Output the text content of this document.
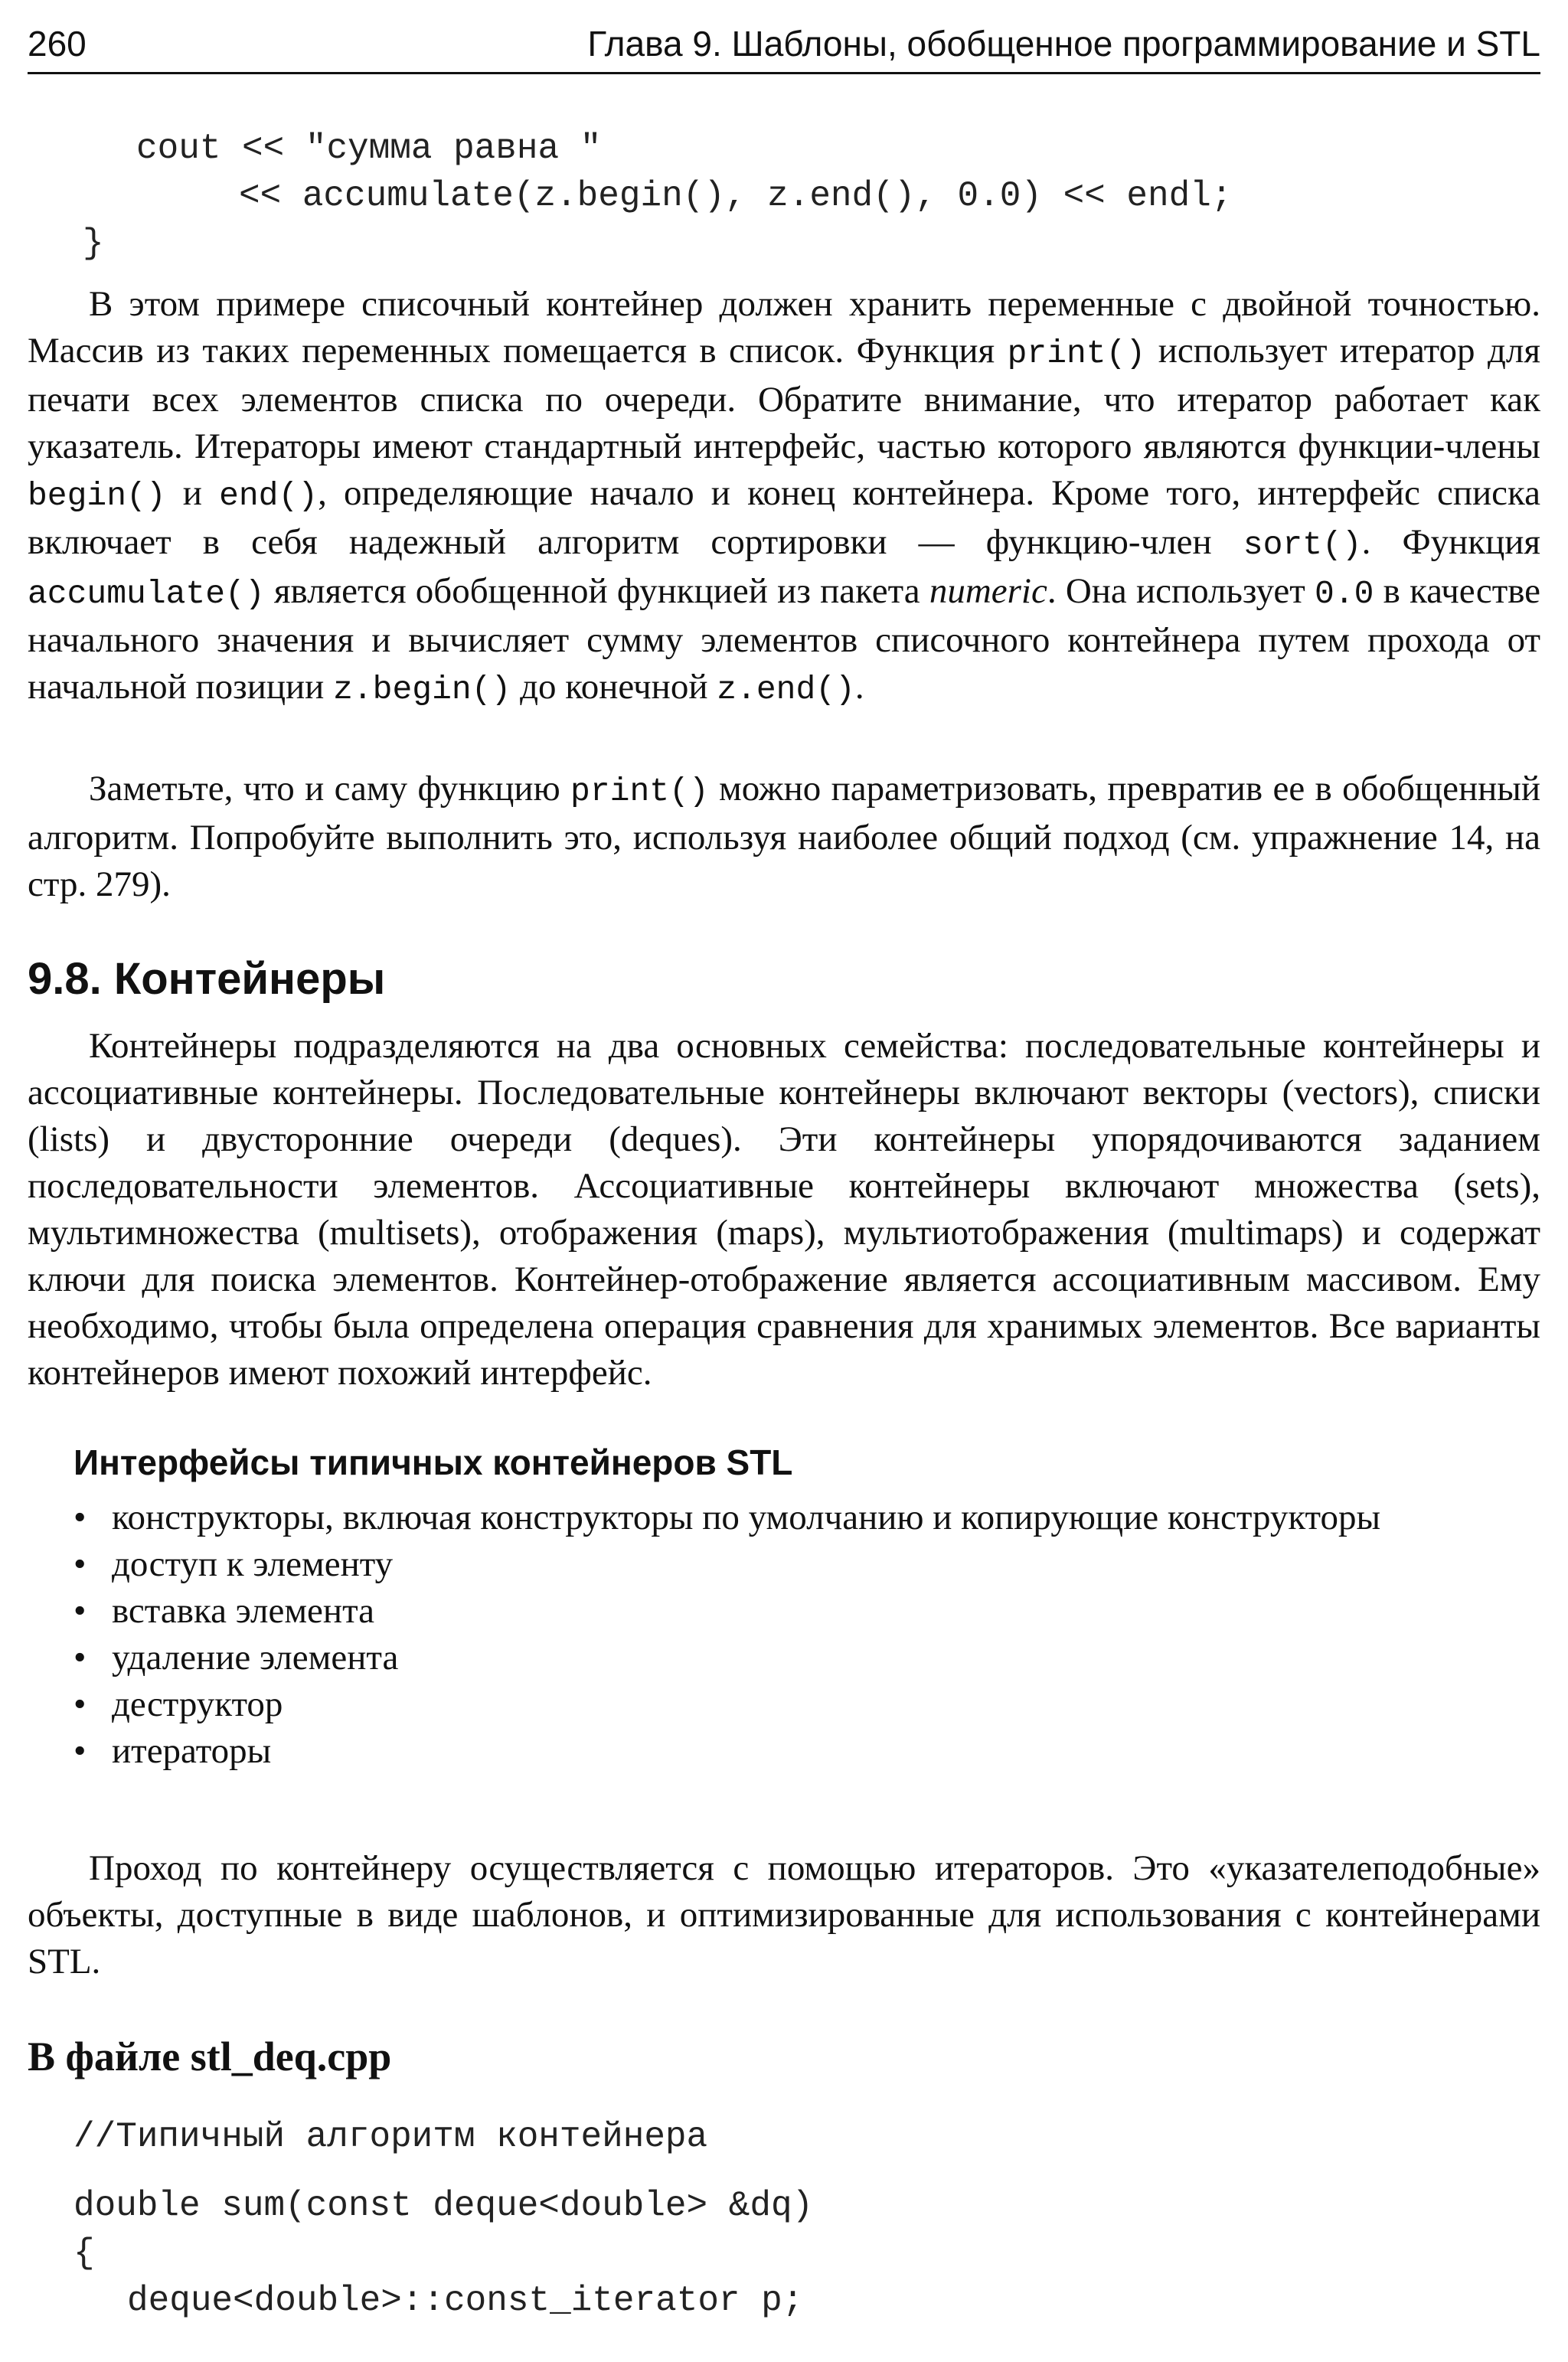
260	Глава 9. Шаблоны, обобщенное программирование и STL
cout << "сумма равна "
<< accumulate(z.begin(), z.end(), 0.0) << endl;
}
В этом примере списочный контейнер должен хранить переменные с двойной точностью. Массив из таких переменных помещается в список. Функция print() использует итератор для печати всех элементов списка по очереди. Обратите внимание, что итератор работает как указатель. Итераторы имеют стандартный интерфейс, частью которого являются функции-члены begin() и end(), определяющие начало и конец контейнера. Кроме того, интерфейс списка включает в себя надежный алгоритм сортировки — функцию-член sort(). Функция accumulate() является обобщенной функцией из пакета numeric. Она использует 0.0 в качестве начального значения и вычисляет сумму элементов списочного контейнера путем прохода от начальной позиции z.begin() до конечной z.end().
Заметьте, что и саму функцию print() можно параметризовать, превратив ее в обобщенный алгоритм. Попробуйте выполнить это, используя наиболее общий подход (см. упражнение 14, на стр. 279).
9.8. Контейнеры
Контейнеры подразделяются на два основных семейства: последовательные контейнеры и ассоциативные контейнеры. Последовательные контейнеры включают векторы (vectors), списки (lists) и двусторонние очереди (deques). Эти контейнеры упорядочиваются заданием последовательности элементов. Ассоциативные контейнеры включают множества (sets), мультимножества (multisets), отображения (maps), мультиотображения (multimaps) и содержат ключи для поиска элементов. Контейнер-отображение является ассоциативным массивом. Ему необходимо, чтобы была определена операция сравнения для хранимых элементов. Все варианты контейнеров имеют похожий интерфейс.
Интерфейсы типичных контейнеров STL
• конструкторы, включая конструкторы по умолчанию и копирующие конструкторы
• доступ к элементу
• вставка элемента
• удаление элемента
• деструктор
• итераторы
Проход по контейнеру осуществляется с помощью итераторов. Это «указателеподобные» объекты, доступные в виде шаблонов, и оптимизированные для использования с контейнерами STL.
В файле stl_deq.cpp
//Типичный алгоритм контейнера
double sum(const deque<double> &dq)
{
deque<double>::const_iterator p;
